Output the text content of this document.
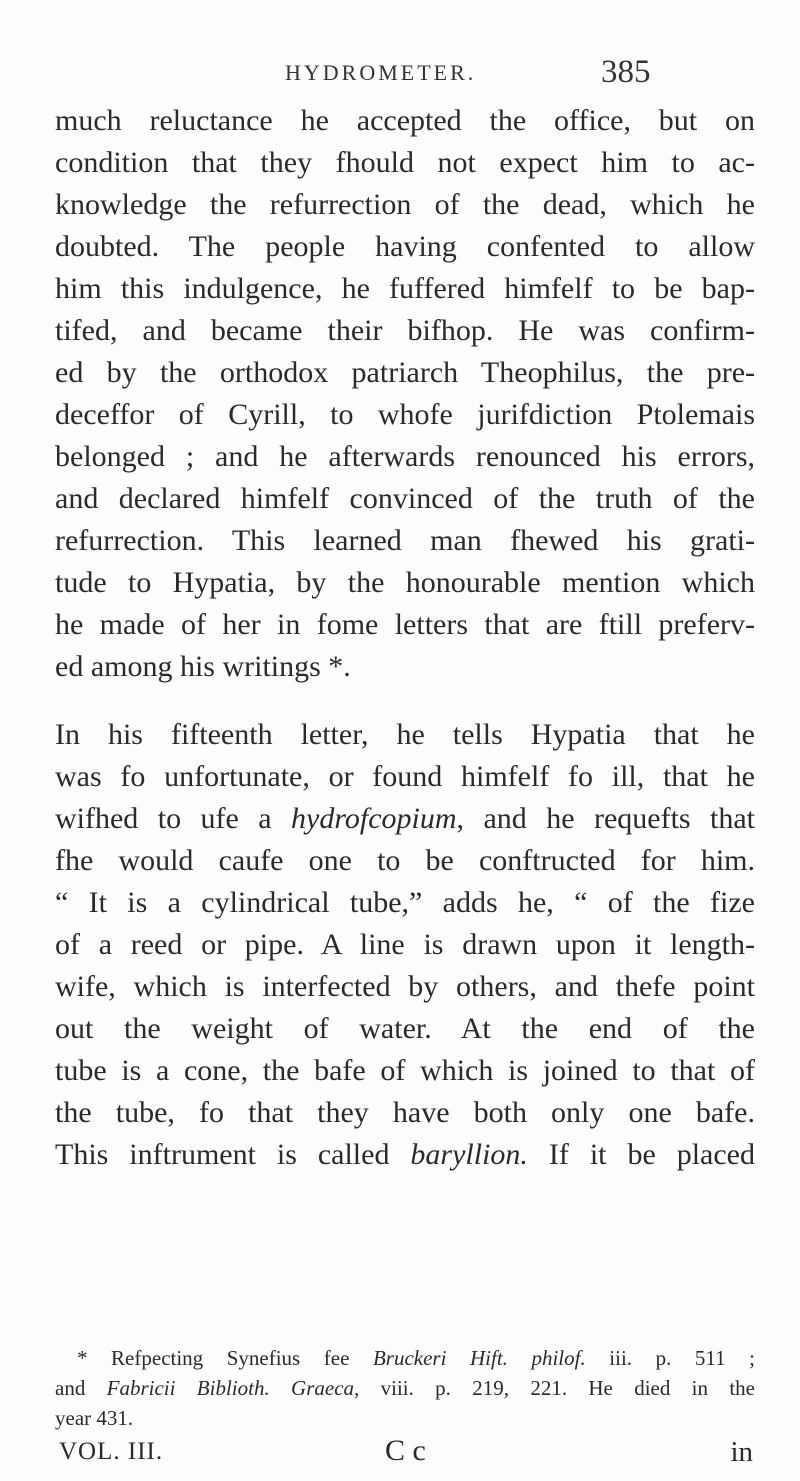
HYDROMETER.	385
much reluctance he accepted the office, but on
condition that they fhould not expect him to ac-
knowledge the refurrection of the dead, which he
doubted. The people having confented to allow
him this indulgence, he fuffered himfelf to be bap-
tifed, and became their bifhop. He was confirm-
ed by the orthodox patriarch Theophilus, the pre-
deceffor of Cyrill, to whofe jurifdiction Ptolemais
belonged ; and he afterwards renounced his errors,
and declared himfelf convinced of the truth of the
refurrection. This learned man fhewed his grati-
tude to Hypatia, by the honourable mention which
he made of her in fome letters that are ftill preferv-
ed among his writings *.
In his fifteenth letter, he tells Hypatia that he
was fo unfortunate, or found himfelf fo ill, that he
wifhed to ufe a hydrofcopium, and he requefts that
fhe would caufe one to be conftructed for him.
“ It is a cylindrical tube,” adds he, “ of the fize
of a reed or pipe. A line is drawn upon it length-
wife, which is interfected by others, and thefe point
out the weight of water. At the end of the
tube is a cone, the bafe of which is joined to that of
the tube, fo that they have both only one bafe.
This inftrument is called baryllion. If it be placed
* Refpecting Synefius fee Bruckeri Hift. philof. iii. p. 511 ;
and Fabricii Biblioth. Graeca, viii. p. 219, 221. He died in the
year 431.
VOL. III.	C c	in
